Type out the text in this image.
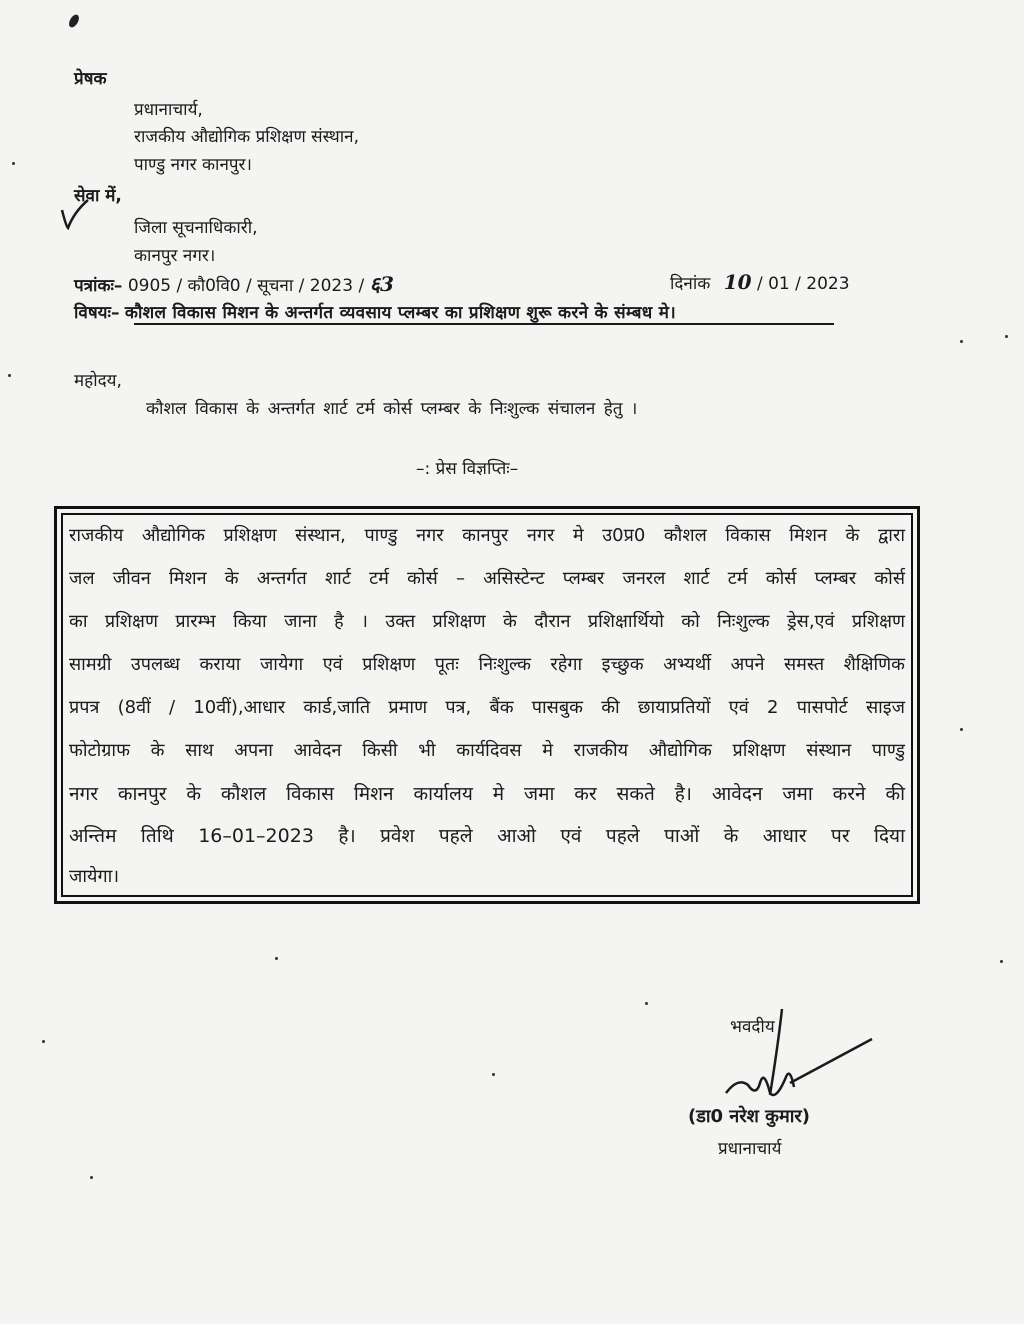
प्रेषक
प्रधानाचार्य,
राजकीय औद्योगिक प्रशिक्षण संस्थान,
पाण्डु नगर कानपुर।
सेवा में,
जिला सूचनाधिकारी,
कानपुर नगर।
पत्रांकः– 0905 / कौ0वि0 / सूचना / 2023 / ६3	दिनांक 10 / 01 / 2023
विषयः– कौशल विकास मिशन के अन्तर्गत व्यवसाय प्लम्बर का प्रशिक्षण शुरू करने के संम्बध मे।
महोदय,
कौशल विकास के अन्तर्गत शार्ट टर्म कोर्स प्लम्बर के निःशुल्क संचालन हेतु ।
–: प्रेस विज्ञप्तिः–
राजकीय औद्योगिक प्रशिक्षण संस्थान, पाण्डु नगर कानपुर नगर मे उ0प्र0 कौशल विकास मिशन के द्वारा
जल जीवन मिशन के अन्तर्गत शार्ट टर्म कोर्स – असिस्टेन्ट प्लम्बर जनरल शार्ट टर्म कोर्स प्लम्बर कोर्स
का प्रशिक्षण प्रारम्भ किया जाना है । उक्त प्रशिक्षण के दौरान प्रशिक्षार्थियो को निःशुल्क ड्रेस,एवं प्रशिक्षण
सामग्री उपलब्ध कराया जायेगा एवं प्रशिक्षण पूतः निःशुल्क रहेगा इच्छुक अभ्यर्थी अपने समस्त शैक्षिणिक
प्रपत्र (8वीं / 10वीं),आधार कार्ड,जाति प्रमाण पत्र, बैंक पासबुक की छायाप्रतियों एवं 2 पासपोर्ट साइज
फोटोग्राफ के साथ अपना आवेदन किसी भी कार्यदिवस मे राजकीय औद्योगिक प्रशिक्षण संस्थान पाण्डु
नगर कानपुर के कौशल विकास मिशन कार्यालय मे जमा कर सकते है। आवेदन जमा करने की
अन्तिम तिथि 16–01–2023 है। प्रवेश पहले आओ एवं पहले पाओं के आधार पर दिया
जायेगा।
भवदीय
(डा0 नरेश कुमार)
प्रधानाचार्य
